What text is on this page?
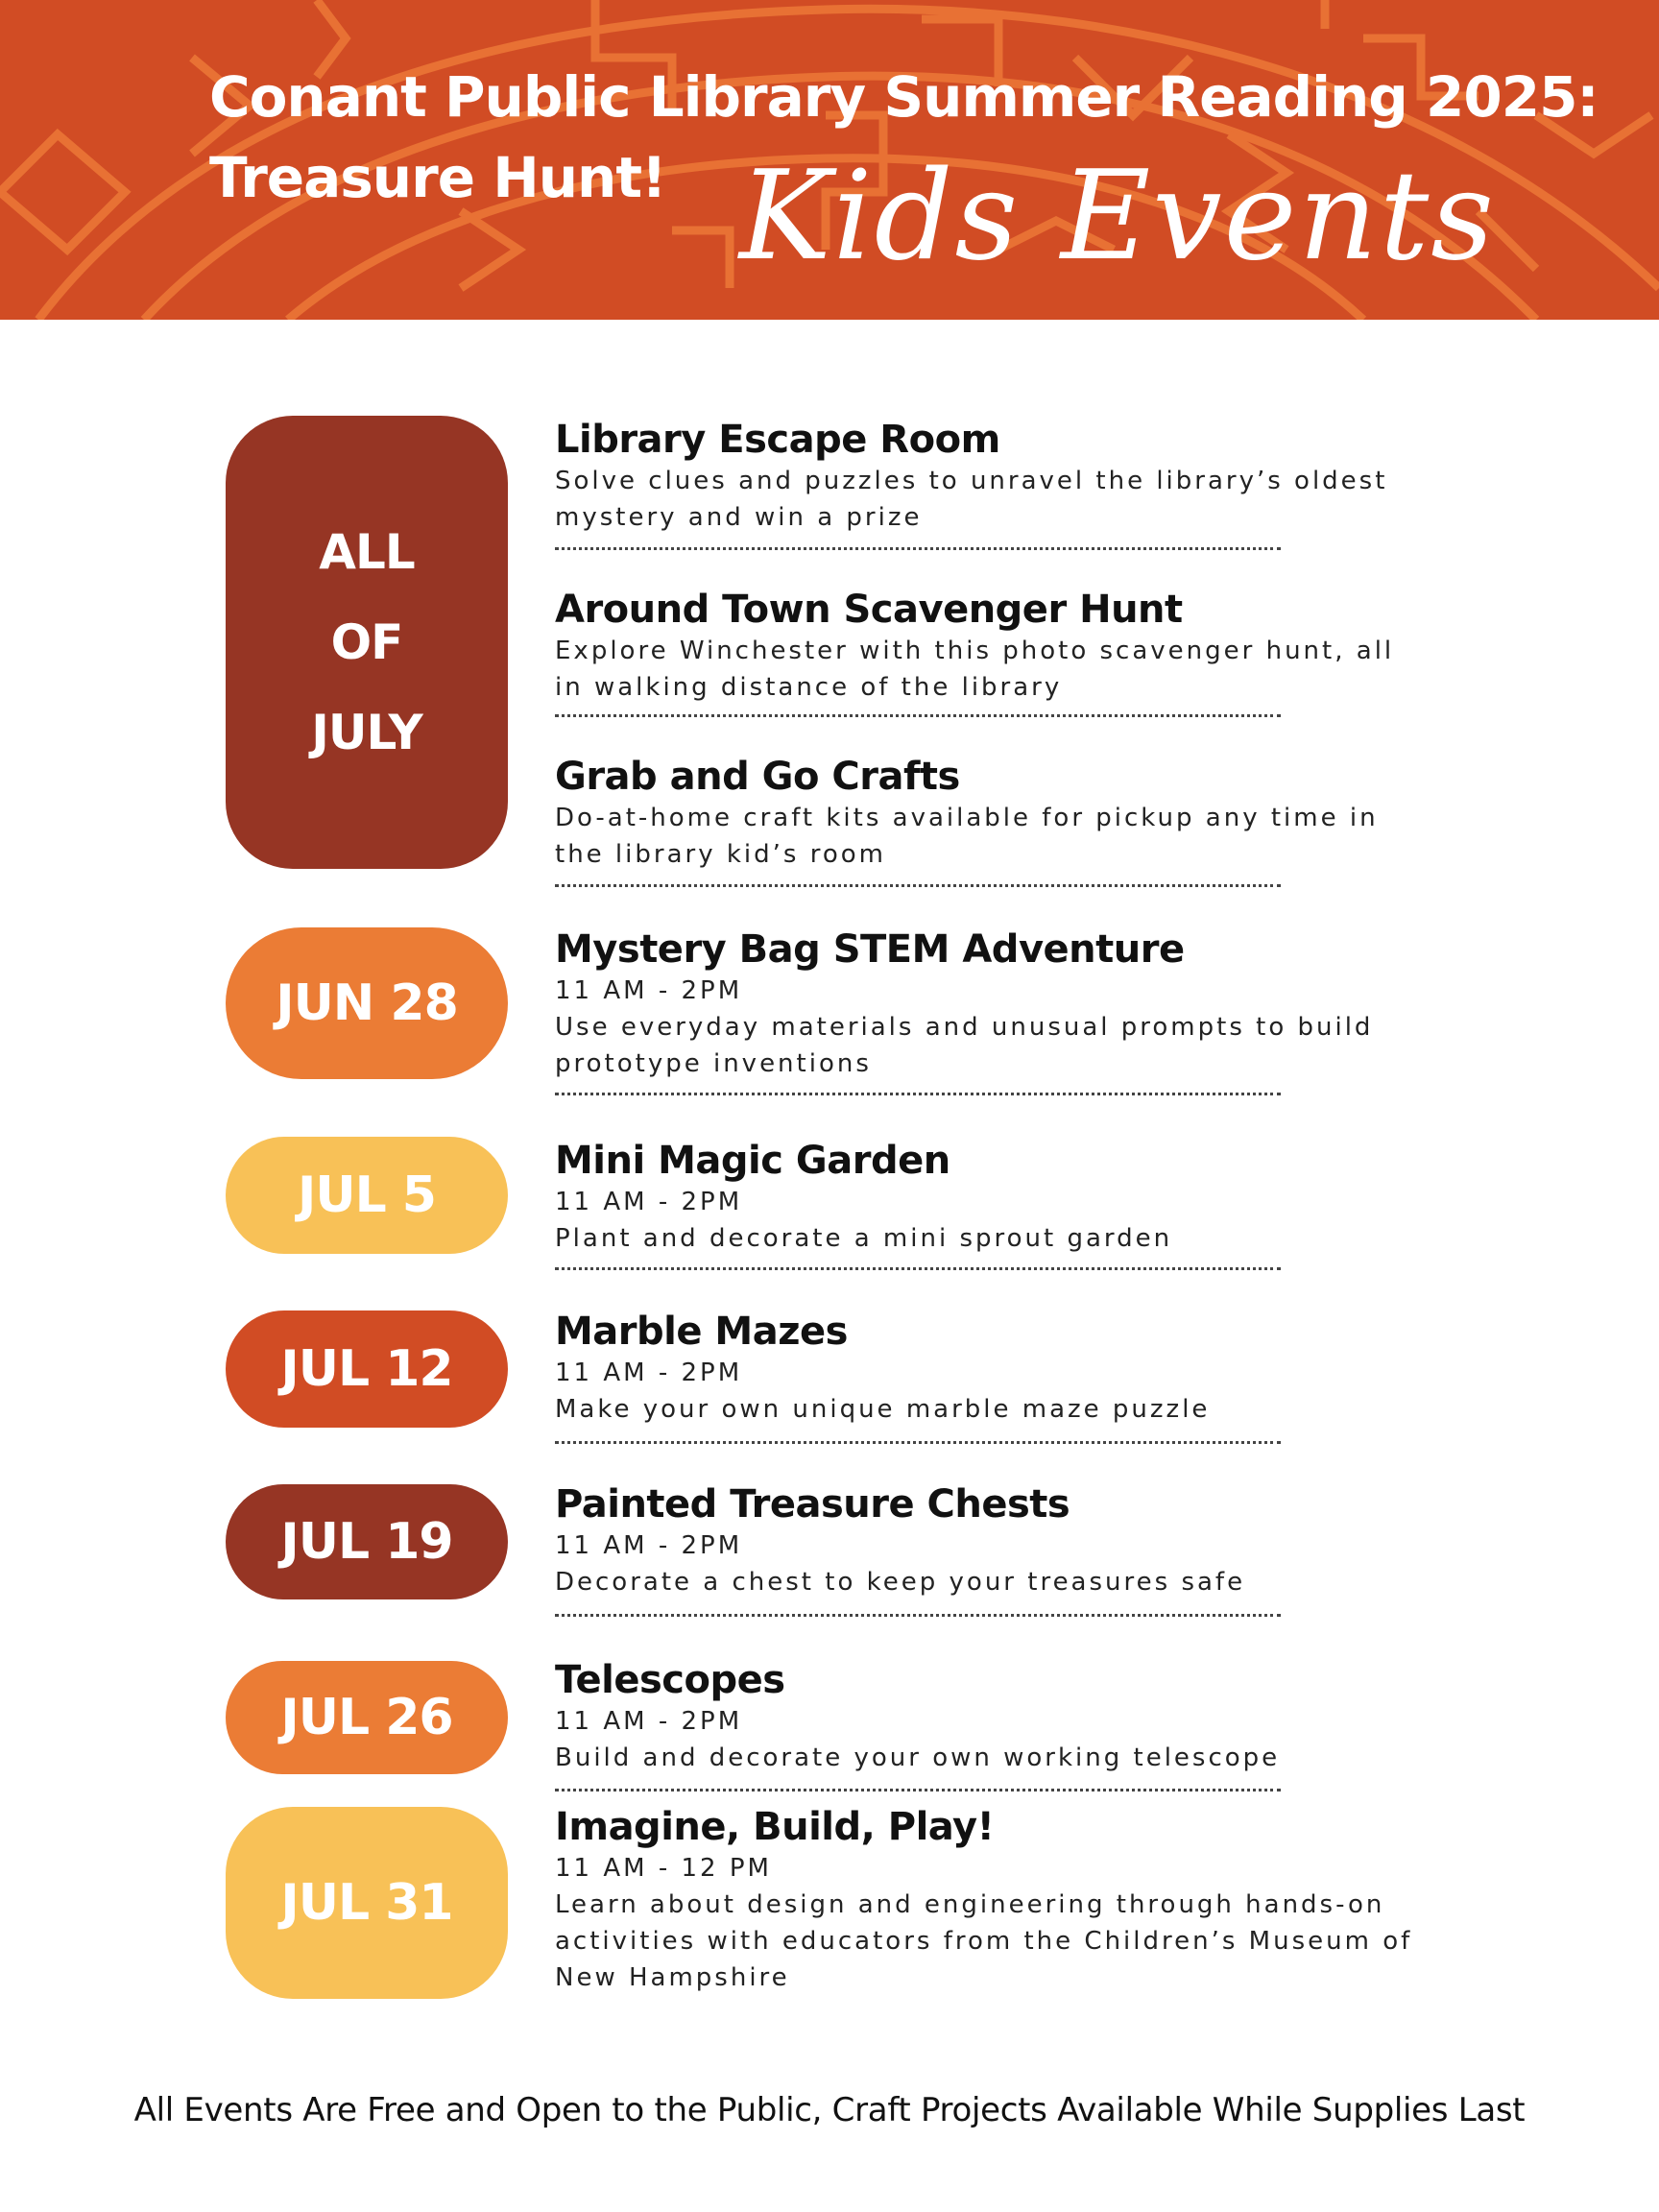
Conant Public Library Summer Reading 2025:
Treasure Hunt! Kids Events
ALL
OF
JULY
JUN 28
JUL 5
JUL 12
JUL 19
JUL 26
JUL 31
Library Escape Room
Solve clues and puzzles to unravel the library’s oldest
mystery and win a prize
Around Town Scavenger Hunt
Explore Winchester with this photo scavenger hunt, all
in walking distance of the library
Grab and Go Crafts
Do-at-home craft kits available for pickup any time in
the library kid’s room
Mystery Bag STEM Adventure
11 AM - 2PM
Use everyday materials and unusual prompts to build
prototype inventions
Mini Magic Garden
11 AM - 2PM
Plant and decorate a mini sprout garden
Marble Mazes
11 AM - 2PM
Make your own unique marble maze puzzle
Painted Treasure Chests
11 AM - 2PM
Decorate a chest to keep your treasures safe
Telescopes
11 AM - 2PM
Build and decorate your own working telescope
Imagine, Build, Play!
11 AM - 12 PM
Learn about design and engineering through hands-on
activities with educators from the Children’s Museum of
New Hampshire
All Events Are Free and Open to the Public, Craft Projects Available While Supplies Last
